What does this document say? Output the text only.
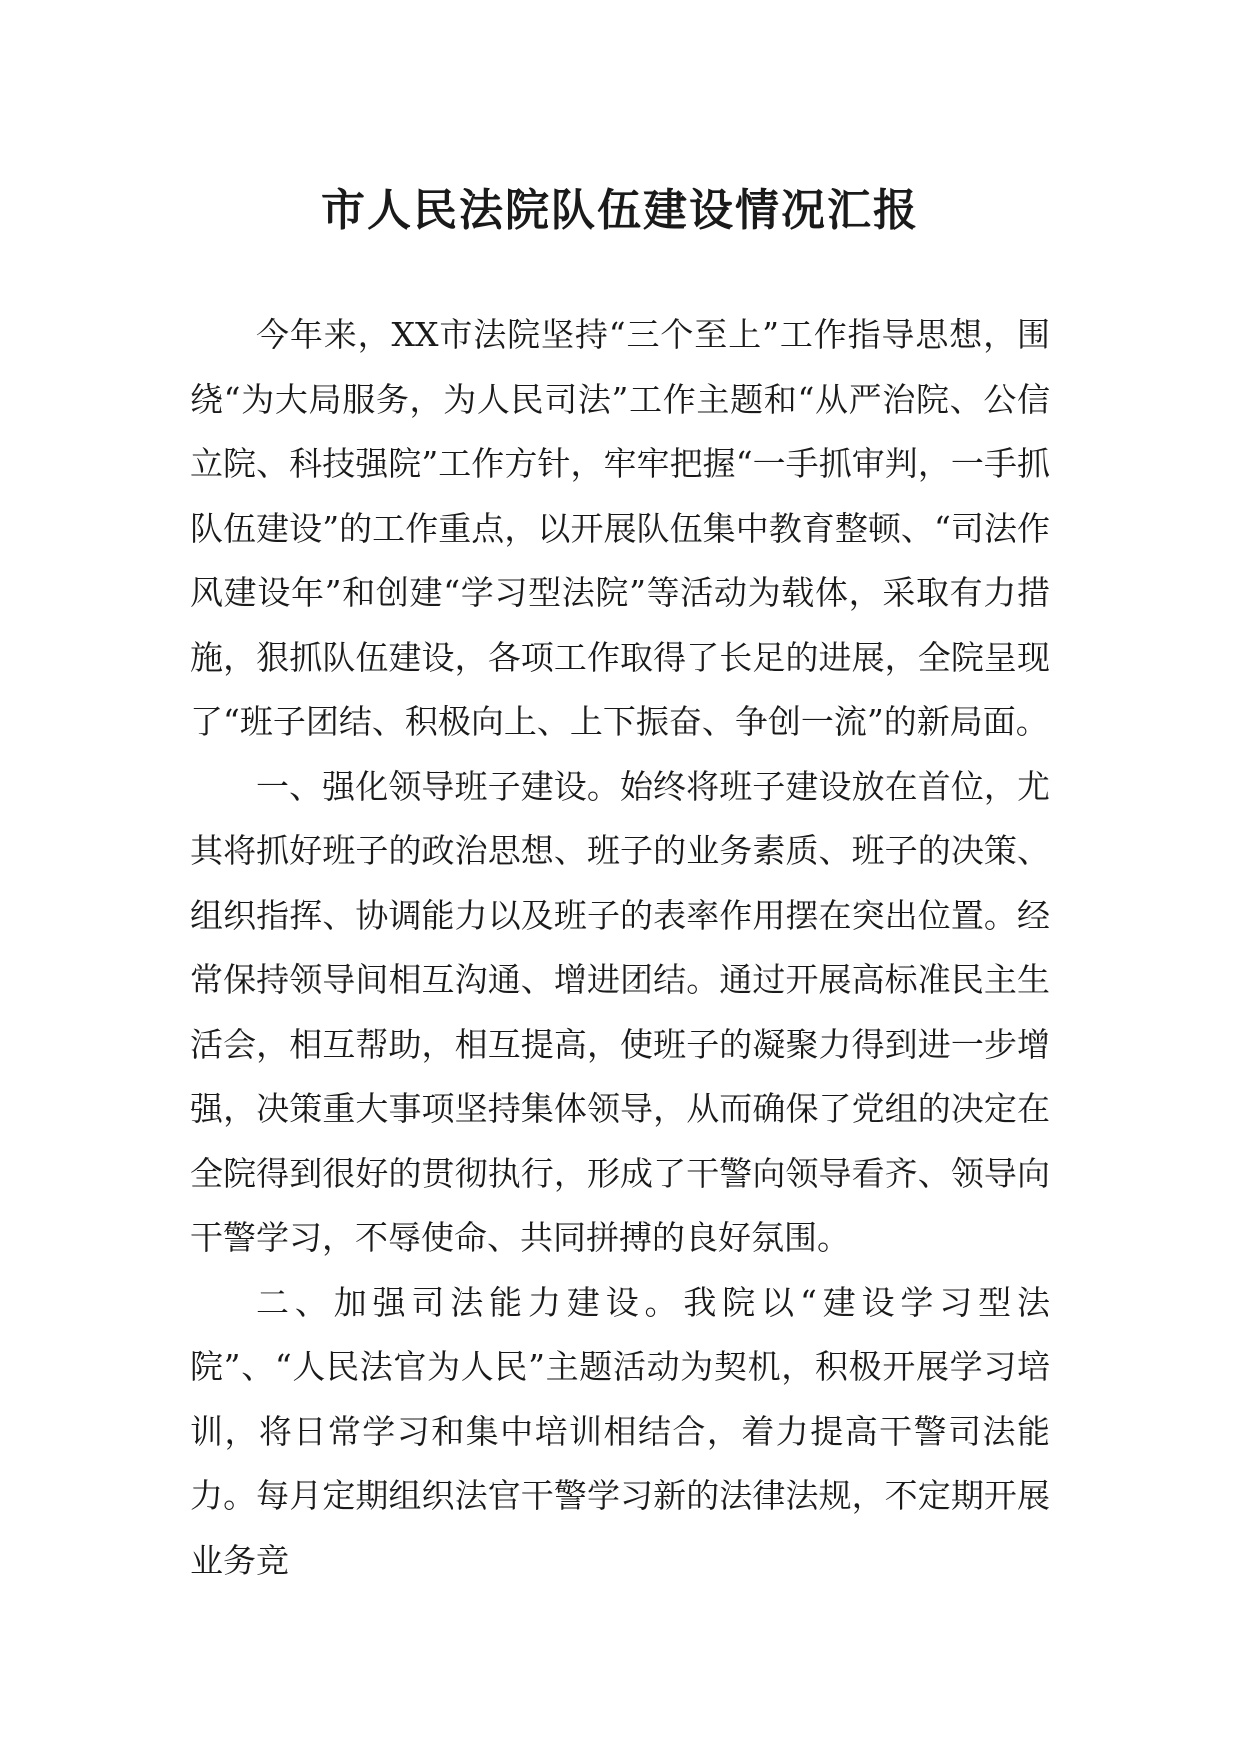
市人民法院队伍建设情况汇报

今年来，XX市法院坚持“三个至上”工作指导思想，围绕“为大局服务，为人民司法”工作主题和“从严治院、公信立院、科技强院”工作方针，牢牢把握“一手抓审判，一手抓队伍建设”的工作重点，以开展队伍集中教育整顿、“司法作风建设年”和创建“学习型法院”等活动为载体，采取有力措施，狠抓队伍建设，各项工作取得了长足的进展，全院呈现了“班子团结、积极向上、上下振奋、争创一流”的新局面。

一、强化领导班子建设。始终将班子建设放在首位，尤其将抓好班子的政治思想、班子的业务素质、班子的决策、组织指挥、协调能力以及班子的表率作用摆在突出位置。经常保持领导间相互沟通、增进团结。通过开展高标准民主生活会，相互帮助，相互提高，使班子的凝聚力得到进一步增强，决策重大事项坚持集体领导，从而确保了党组的决定在全院得到很好的贯彻执行，形成了干警向领导看齐、领导向干警学习，不辱使命、共同拼搏的良好氛围。

二、加强司法能力建设。我院以“建设学习型法院”、“人民法官为人民”主题活动为契机，积极开展学习培训，将日常学习和集中培训相结合，着力提高干警司法能力。每月定期组织法官干警学习新的法律法规，不定期开展业务竞
